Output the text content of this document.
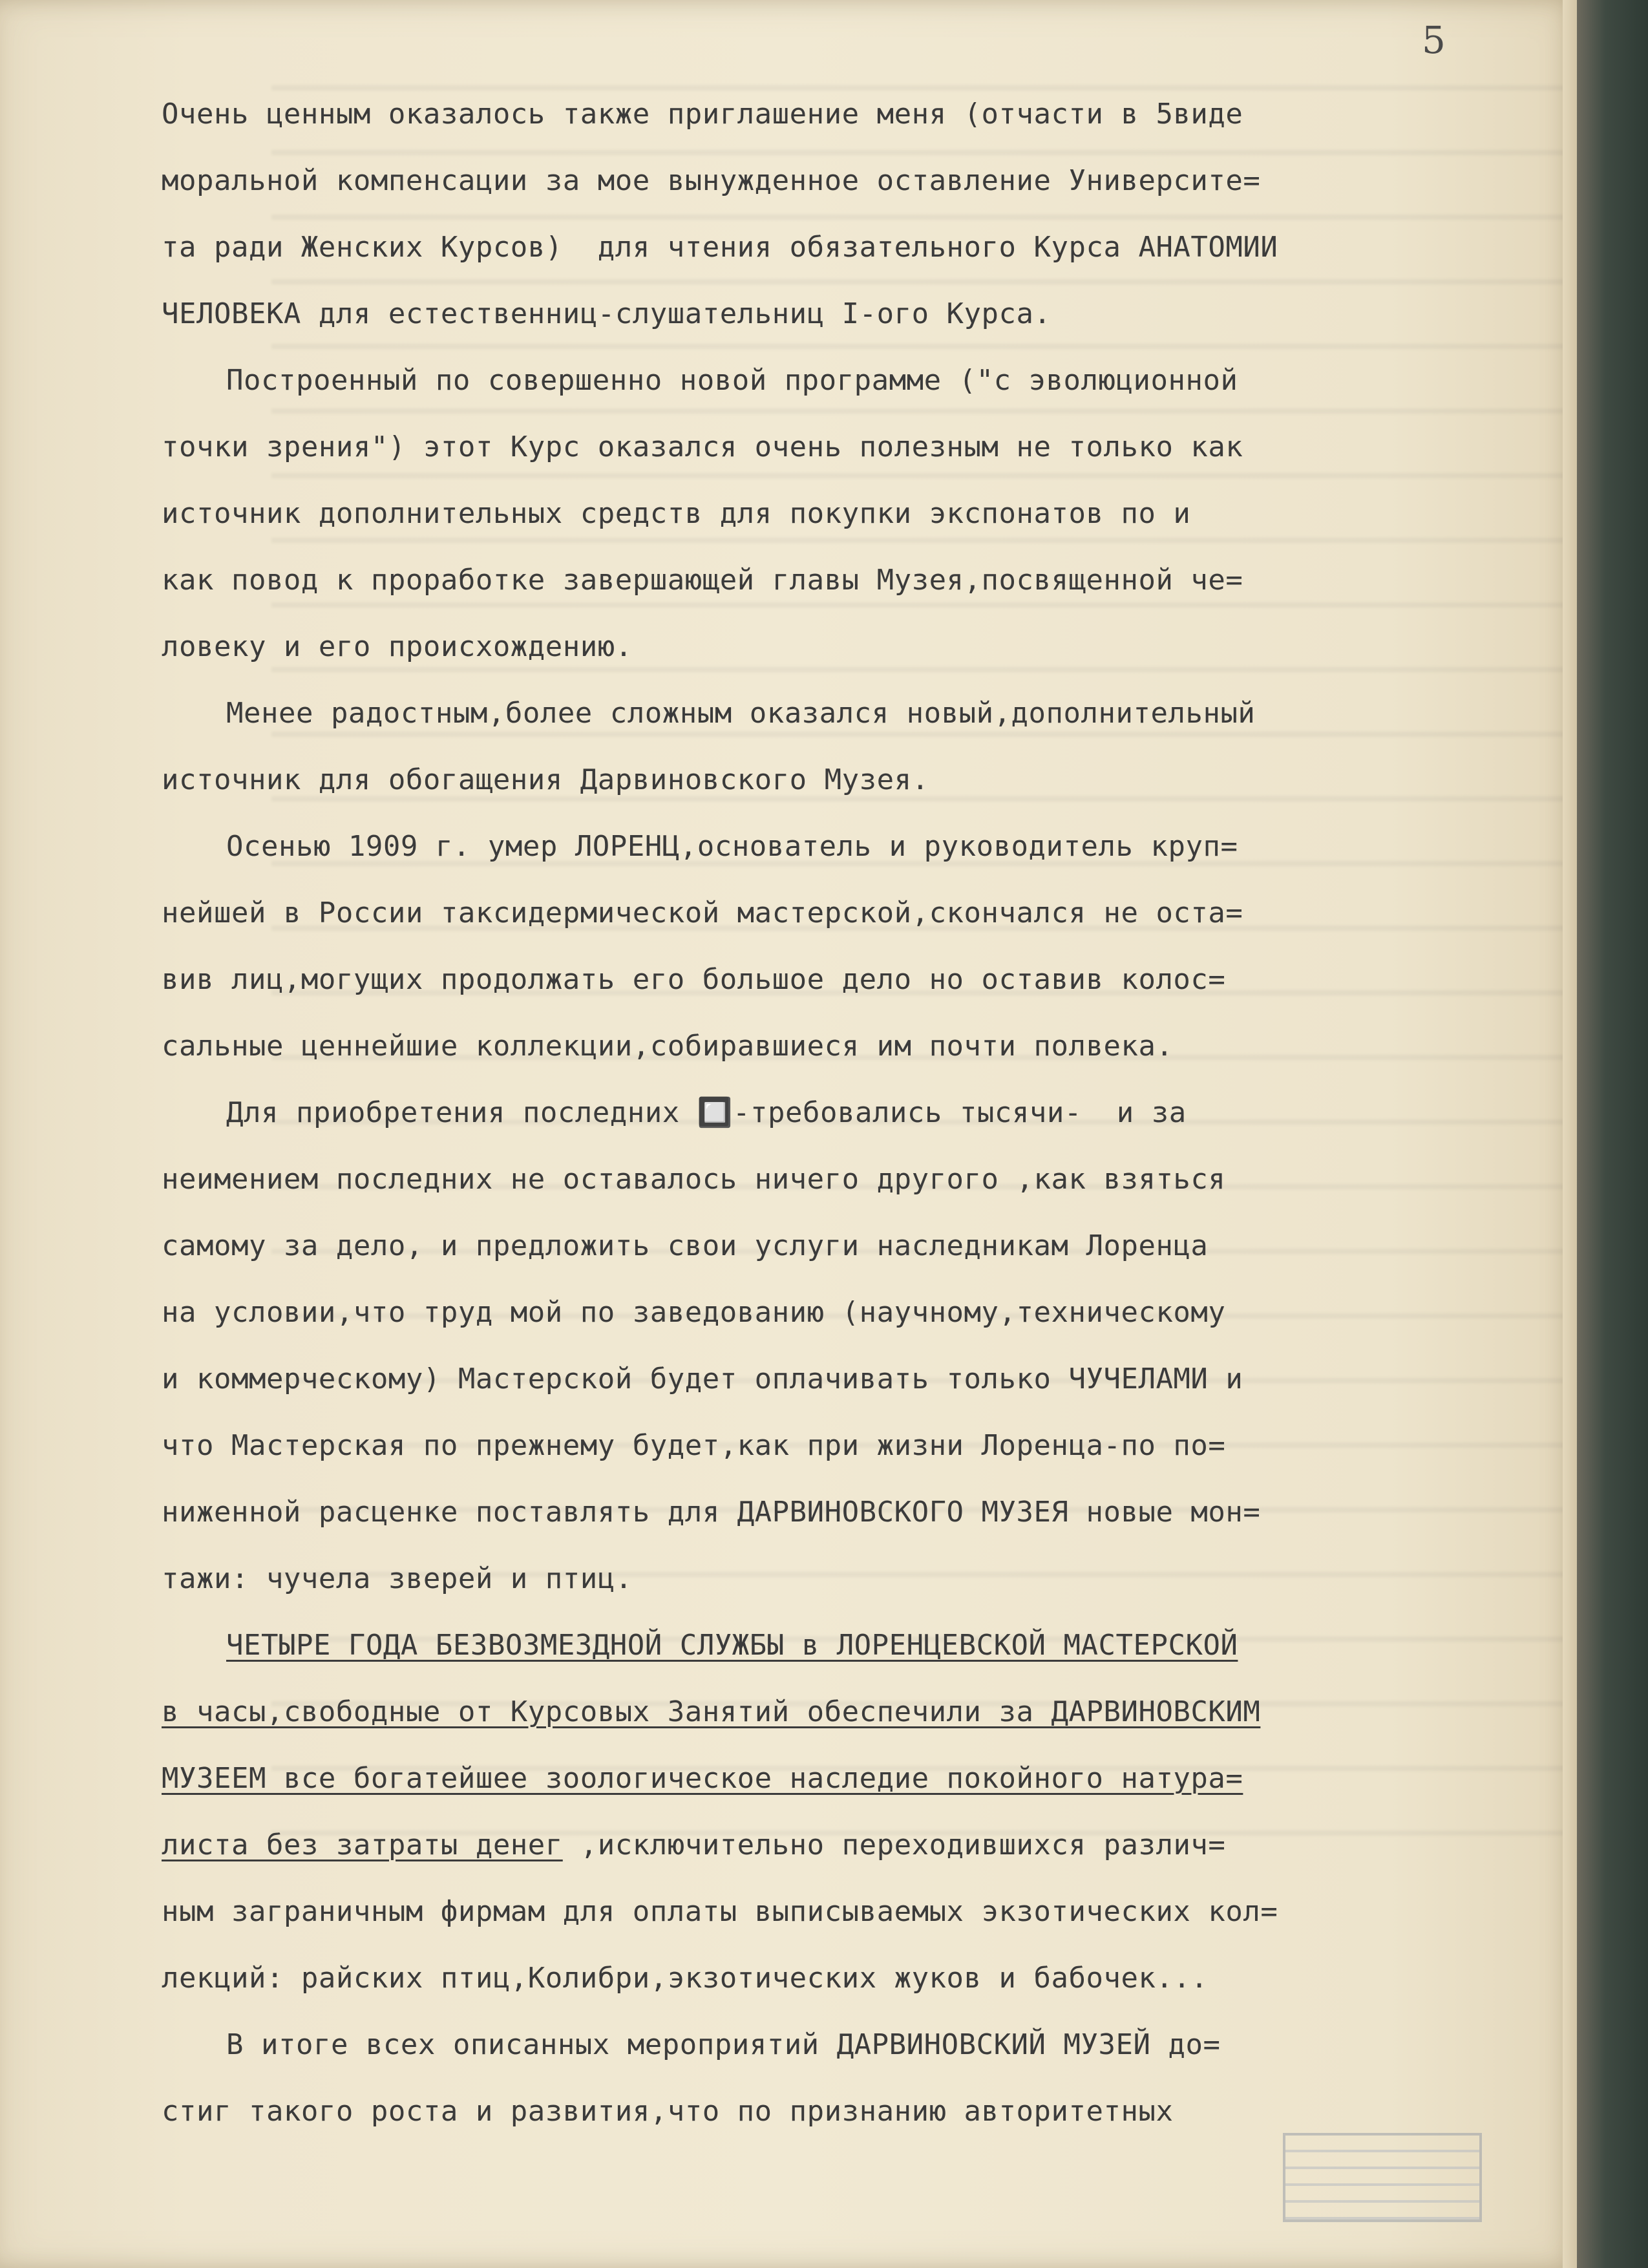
5
Очень ценным оказалось также приглашение меня (отчасти в 5виде
моральной компенсации за мое вынужденное оставление Университе=
та ради Женских Курсов)  для чтения обязательного Курса АНАТОМИИ
ЧЕЛОВЕКА для естественниц-слушательниц I-ого Курса.
Построенный по совершенно новой программе ("с эволюционной
точки зрения") этот Курс оказался очень полезным не только как
источник дополнительных средств для покупки экспонатов по и
как повод к проработке завершающей главы Музея,посвященной че=
ловеку и его происхождению.
Менее радостным,более сложным оказался новый,дополнительный
источник для обогащения Дарвиновского Музея.
Осенью 1909 г. умер ЛОРЕНЦ,основатель и руководитель круп=
нейшей в России таксидермической мастерской,скончался не оста=
вив лиц,могущих продолжать его большое дело но оставив колос=
сальные ценнейшие коллекции,собиравшиеся им почти полвека.
Для приобретения последних 🔲-требовались тысячи-  и за
неимением последних не оставалось ничего другого ,как взяться
самому за дело, и предложить свои услуги наследникам Лоренца
на условии,что труд мой по заведованию (научному,техническому
и коммерческому) Мастерской будет оплачивать только ЧУЧЕЛАМИ и
что Мастерская по прежнему будет,как при жизни Лоренца-по по=
ниженной расценке поставлять для ДАРВИНОВСКОГО МУЗЕЯ новые мон=
тажи: чучела зверей и птиц.
ЧЕТЫРЕ ГОДА БЕЗВОЗМЕЗДНОЙ СЛУЖБЫ в ЛОРЕНЦЕВСКОЙ МАСТЕРСКОЙ
в часы,свободные от Курсовых Занятий обеспечили за ДАРВИНОВСКИМ
МУЗЕЕМ все богатейшее зоологическое наследие покойного натура=
листа без затраты денег ,исключительно переходившихся различ=
ным заграничным фирмам для оплаты выписываемых экзотических кол=
лекций: райских птиц,Колибри,экзотических жуков и бабочек...
В итоге всех описанных мероприятий ДАРВИНОВСКИЙ МУЗЕЙ до=
стиг такого роста и развития,что по признанию авторитетных
